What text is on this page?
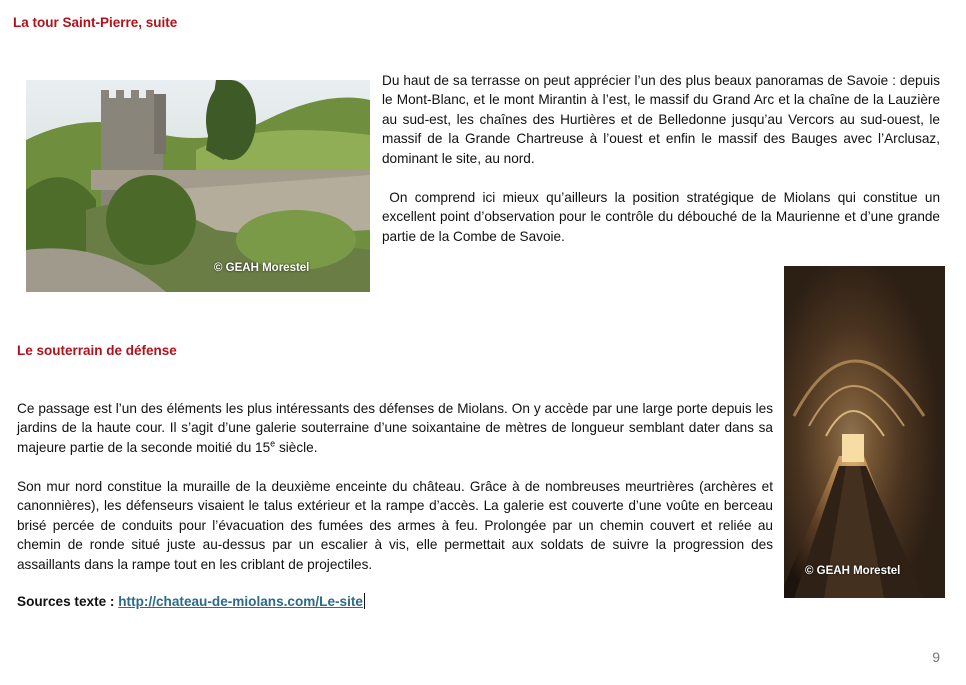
La tour Saint-Pierre, suite
© GEAH Morestel
Du haut de sa terrasse on peut apprécier l’un des plus beaux panoramas de Savoie : depuis le Mont-Blanc, et le mont Mirantin à l’est, le massif du Grand Arc et la chaîne de la Lauzière au sud-est, les chaînes des Hurtières et de Belledonne jusqu’au Vercors au sud-ouest, le massif de la Grande Chartreuse à l’ouest et enfin le massif des Bauges avec l’Arclusaz, dominant le site, au nord.
On comprend ici mieux qu’ailleurs la position stratégique de Miolans qui constitue un excellent point d’observation pour le contrôle du débouché de la Maurienne et d’une grande partie de la Combe de Savoie.
© GEAH Morestel
Le souterrain de défense
Ce passage est l’un des éléments les plus intéressants des défenses de Miolans. On y accède par une large porte depuis les jardins de la haute cour. Il s’agit d’une galerie souterraine d’une soixantaine de mètres de longueur semblant dater dans sa majeure partie de la seconde moitié du 15e siècle.
Son mur nord constitue la muraille de la deuxième enceinte du château. Grâce à de nombreuses meurtrières (archères et canonnières), les défenseurs visaient le talus extérieur et la rampe d’accès. La galerie est couverte d’une voûte en berceau brisé percée de conduits pour l’évacuation des fumées des armes à feu. Prolongée par un chemin couvert et reliée au chemin de ronde situé juste au-dessus par un escalier à vis, elle permettait aux soldats de suivre la progression des assaillants dans la rampe tout en les criblant de projectiles.
Sources texte : http://chateau-de-miolans.com/Le-site
9
